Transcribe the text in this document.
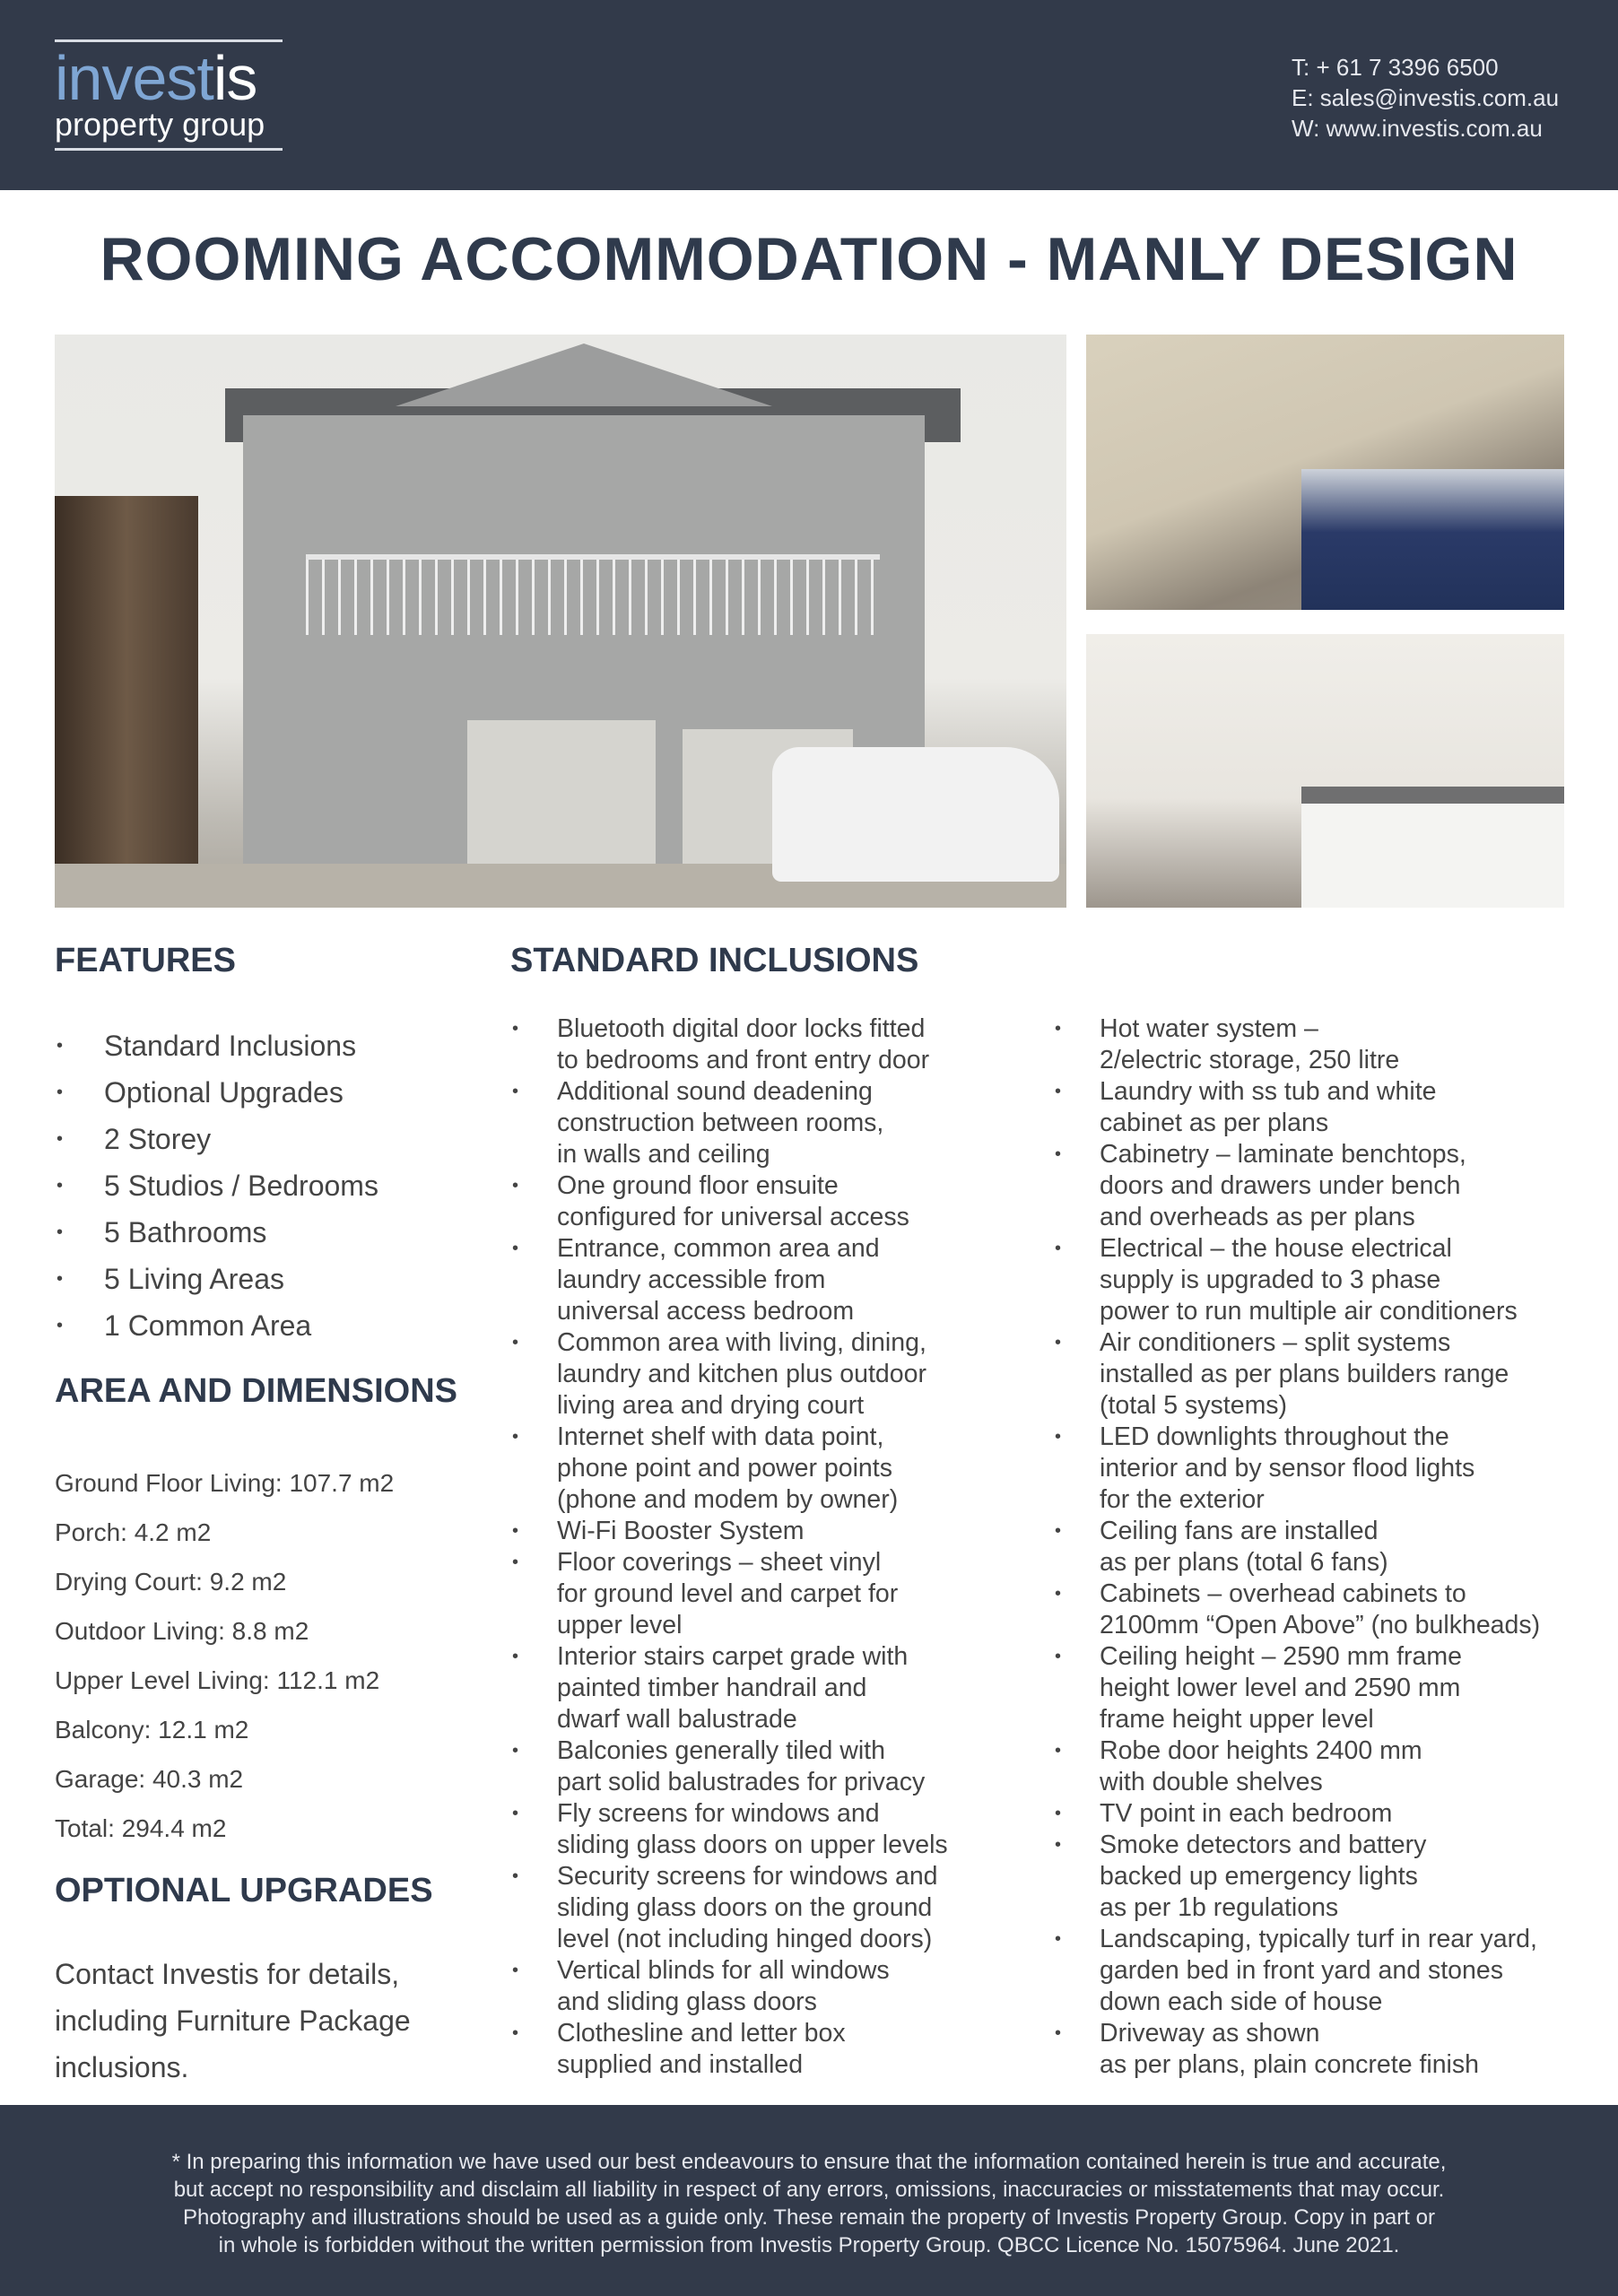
investis
property group
T: + 61 7 3396 6500
E: sales@investis.com.au
W: www.investis.com.au
ROOMING ACCOMMODATION - MANLY DESIGN
FEATURES
• Standard Inclusions
• Optional Upgrades
• 2 Storey
• 5 Studios / Bedrooms
• 5 Bathrooms
• 5 Living Areas
• 1 Common Area
AREA AND DIMENSIONS
Ground Floor Living: 107.7 m2
Porch: 4.2 m2
Drying Court: 9.2 m2
Outdoor Living: 8.8 m2
Upper Level Living: 112.1 m2
Balcony: 12.1 m2
Garage: 40.3 m2
Total: 294.4 m2
OPTIONAL UPGRADES

Contact Investis for details,
including Furniture Package
inclusions.

STANDARD INCLUSIONS
• Bluetooth digital door locks fitted
to bedrooms and front entry door
• Additional sound deadening
construction between rooms,
in walls and ceiling
• One ground floor ensuite
configured for universal access
• Entrance, common area and
laundry accessible from
universal access bedroom
• Common area with living, dining,
laundry and kitchen plus outdoor
living area and drying court
• Internet shelf with data point,
phone point and power points
(phone and modem by owner)
• Wi-Fi Booster System
• Floor coverings – sheet vinyl
for ground level and carpet for
upper level
• Interior stairs carpet grade with
painted timber handrail and
dwarf wall balustrade
• Balconies generally tiled with
part solid balustrades for privacy
• Fly screens for windows and
sliding glass doors on upper levels
• Security screens for windows and
sliding glass doors on the ground
level (not including hinged doors)
• Vertical blinds for all windows
and sliding glass doors
• Clothesline and letter box
supplied and installed
• Hot water system –
2/electric storage, 250 litre
• Laundry with ss tub and white
cabinet as per plans
• Cabinetry – laminate benchtops,
doors and drawers under bench
and overheads as per plans
• Electrical – the house electrical
supply is upgraded to 3 phase
power to run multiple air conditioners
• Air conditioners – split systems
installed as per plans builders range
(total 5 systems)
• LED downlights throughout the
interior and by sensor flood lights
for the exterior
• Ceiling fans are installed
as per plans (total 6 fans)
• Cabinets – overhead cabinets to
2100mm “Open Above” (no bulkheads)
• Ceiling height – 2590 mm frame
height lower level and 2590 mm
frame height upper level
• Robe door heights 2400 mm
with double shelves
• TV point in each bedroom
• Smoke detectors and battery
backed up emergency lights
as per 1b regulations
• Landscaping, typically turf in rear yard,
garden bed in front yard and stones
down each side of house
• Driveway as shown
as per plans, plain concrete finish

* In preparing this information we have used our best endeavours to ensure that the information contained herein is true and accurate,
but accept no responsibility and disclaim all liability in respect of any errors, omissions, inaccuracies or misstatements that may occur.
Photography and illustrations should be used as a guide only. These remain the property of Investis Property Group. Copy in part or
in whole is forbidden without the written permission from Investis Property Group. QBCC Licence No. 15075964. June 2021.
